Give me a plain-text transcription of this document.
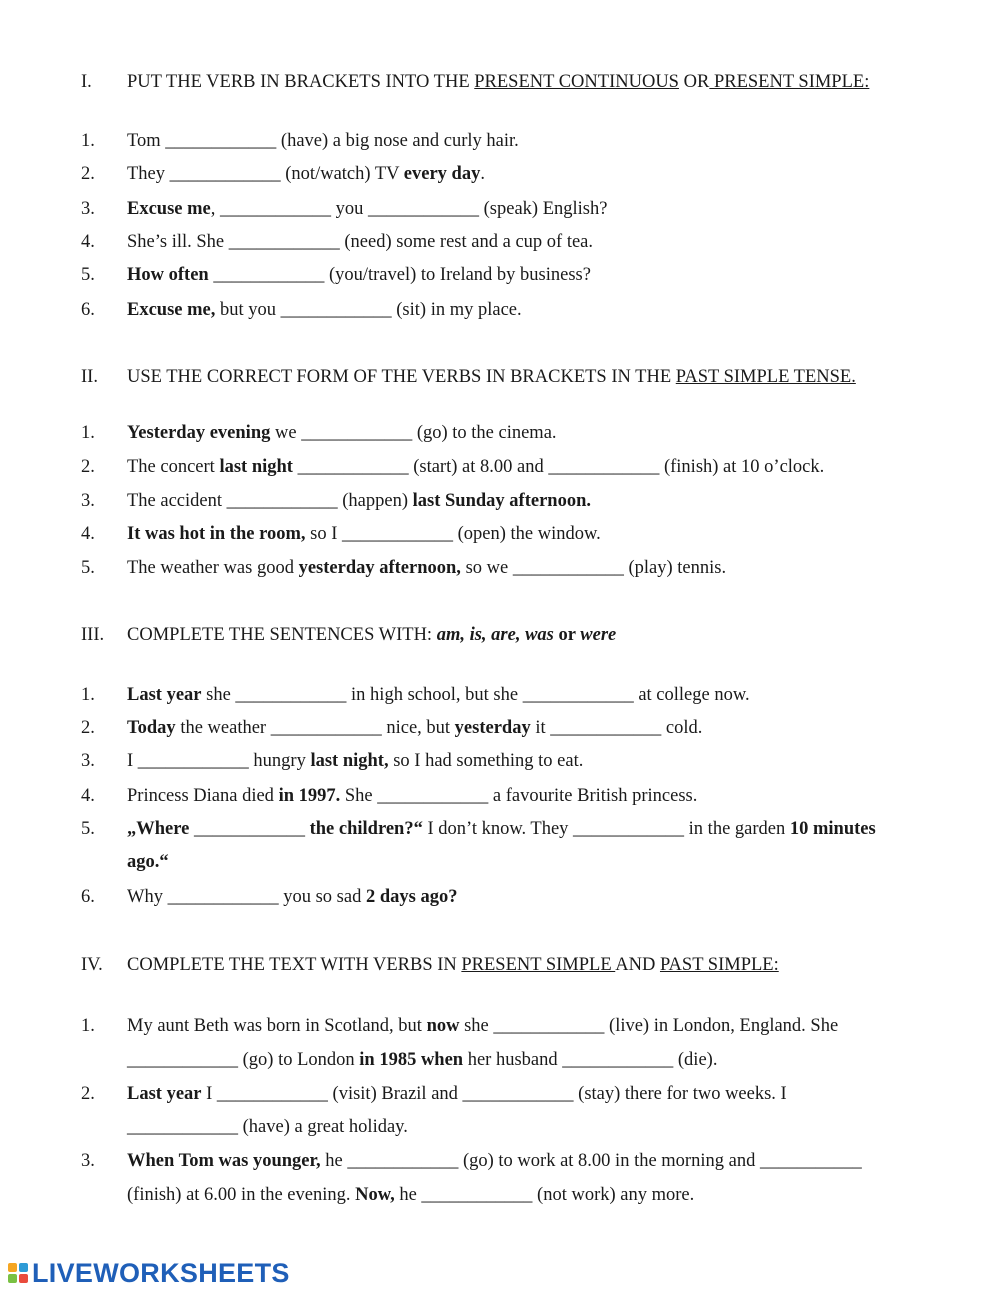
I. PUT THE VERB IN BRACKETS INTO THE PRESENT CONTINUOUS OR PRESENT SIMPLE:
1. Tom ____________ (have) a big nose and curly hair.
2. They ____________ (not/watch) TV every day.
3. Excuse me, ____________ you ____________ (speak) English?
4. She’s ill. She ____________ (need) some rest and a cup of tea.
5. How often ____________ (you/travel) to Ireland by business?
6. Excuse me, but you ____________ (sit) in my place.
II. USE THE CORRECT FORM OF THE VERBS IN BRACKETS IN THE PAST SIMPLE TENSE.
1. Yesterday evening we ____________ (go) to the cinema.
2. The concert last night ____________ (start) at 8.00 and ____________ (finish) at 10 o’clock.
3. The accident ____________ (happen) last Sunday afternoon.
4. It was hot in the room, so I ____________ (open) the window.
5. The weather was good yesterday afternoon, so we ____________ (play) tennis.
III. COMPLETE THE SENTENCES WITH: am, is, are, was or were
1. Last year she ____________ in high school, but she ____________ at college now.
2. Today the weather ____________ nice, but yesterday it ____________ cold.
3. I ____________ hungry last night, so I had something to eat.
4. Princess Diana died in 1997. She ____________ a favourite British princess.
5. „Where ____________ the children?“ I don’t know. They ____________ in the garden 10 minutes
ago.“
6. Why ____________ you so sad 2 days ago?
IV. COMPLETE THE TEXT WITH VERBS IN PRESENT SIMPLE AND PAST SIMPLE:
1. My aunt Beth was born in Scotland, but now she ____________ (live) in London, England. She
____________ (go) to London in 1985 when her husband ____________ (die).
2. Last year I ____________ (visit) Brazil and ____________ (stay) there for two weeks. I
____________ (have) a great holiday.
3. When Tom was younger, he ____________ (go) to work at 8.00 in the morning and ___________
(finish) at 6.00 in the evening. Now, he ____________ (not work) any more.
LIVEWORKSHEETS
